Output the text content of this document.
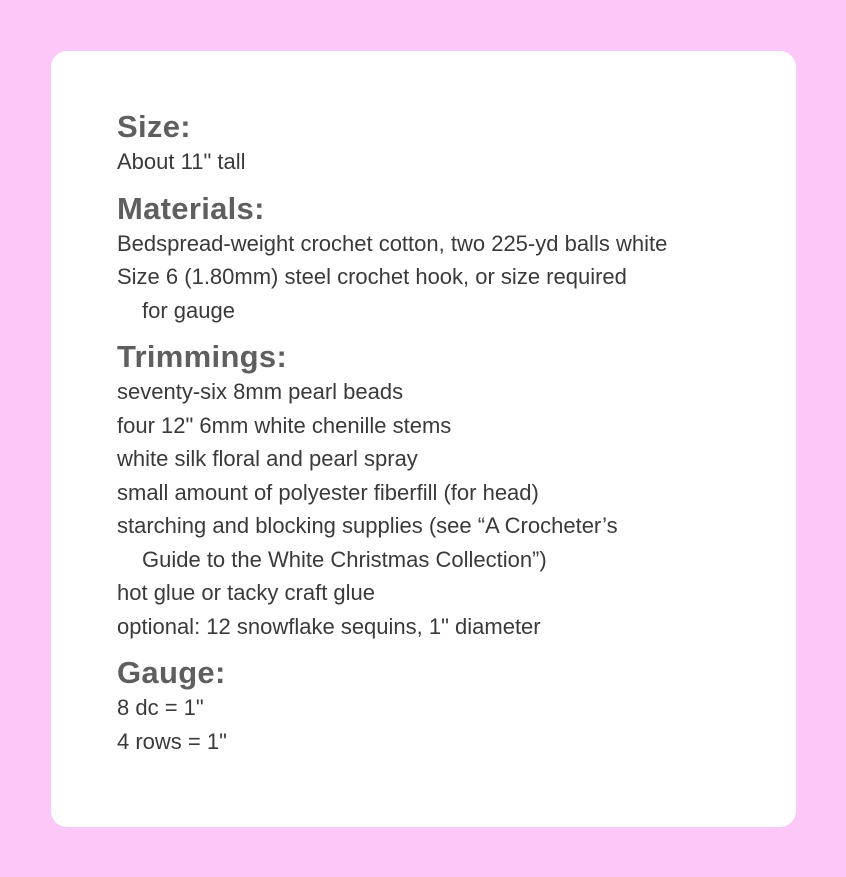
Size:

About 11" tall

Materials:

Bedspread-weight crochet cotton, two 225-yd balls white

Size 6 (1.80mm) steel crochet hook, or size required

for gauge

Trimmings:

seventy-six 8mm pearl beads

four 12" 6mm white chenille stems

white silk floral and pearl spray

small amount of polyester fiberfill (for head)

starching and blocking supplies (see “A Crocheter’s

Guide to the White Christmas Collection”)

hot glue or tacky craft glue

optional: 12 snowflake sequins, 1" diameter

Gauge:

8 dc = 1"

4 rows = 1"
